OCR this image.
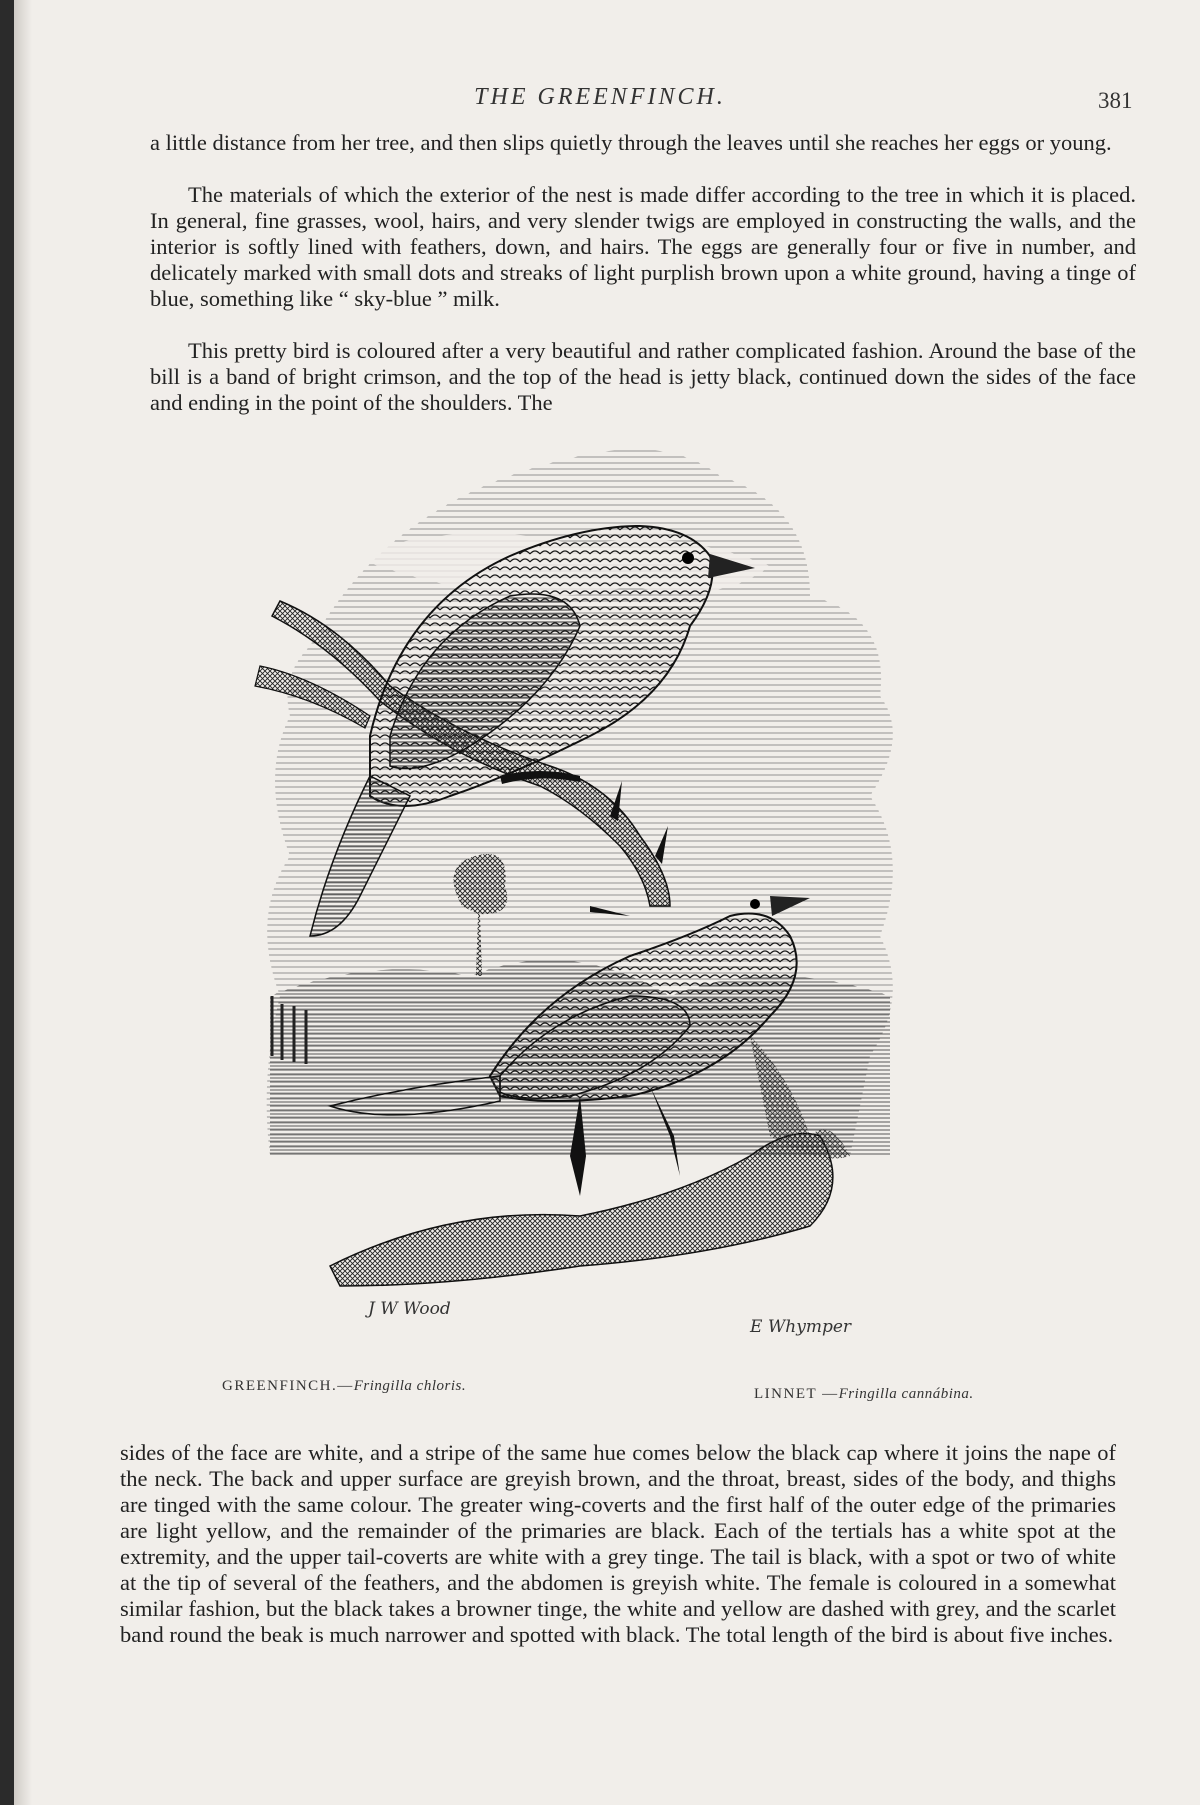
THE GREENFINCH.	381

a little distance from her tree, and then slips quietly through the leaves until she reaches her eggs or young.

The materials of which the exterior of the nest is made differ according to the tree in which it is placed. In general, fine grasses, wool, hairs, and very slender twigs are employed in constructing the walls, and the interior is softly lined with feathers, down, and hairs. The eggs are generally four or five in number, and delicately marked with small dots and streaks of light purplish brown upon a white ground, having a tinge of blue, something like “ sky-blue ” milk.

This pretty bird is coloured after a very beautiful and rather complicated fashion. Around the base of the bill is a band of bright crimson, and the top of the head is jetty black, continued down the sides of the face and ending in the point of the shoulders. The

J W Wood
E Whymper
GREENFINCH.—Fringilla chloris.	LINNET —Fringilla cannábina.

sides of the face are white, and a stripe of the same hue comes below the black cap where it joins the nape of the neck. The back and upper surface are greyish brown, and the throat, breast, sides of the body, and thighs are tinged with the same colour. The greater wing-coverts and the first half of the outer edge of the primaries are light yellow, and the remainder of the primaries are black. Each of the tertials has a white spot at the extremity, and the upper tail-coverts are white with a grey tinge. The tail is black, with a spot or two of white at the tip of several of the feathers, and the abdomen is greyish white. The female is coloured in a somewhat similar fashion, but the black takes a browner tinge, the white and yellow are dashed with grey, and the scarlet band round the beak is much narrower and spotted with black. The total length of the bird is about five inches.
